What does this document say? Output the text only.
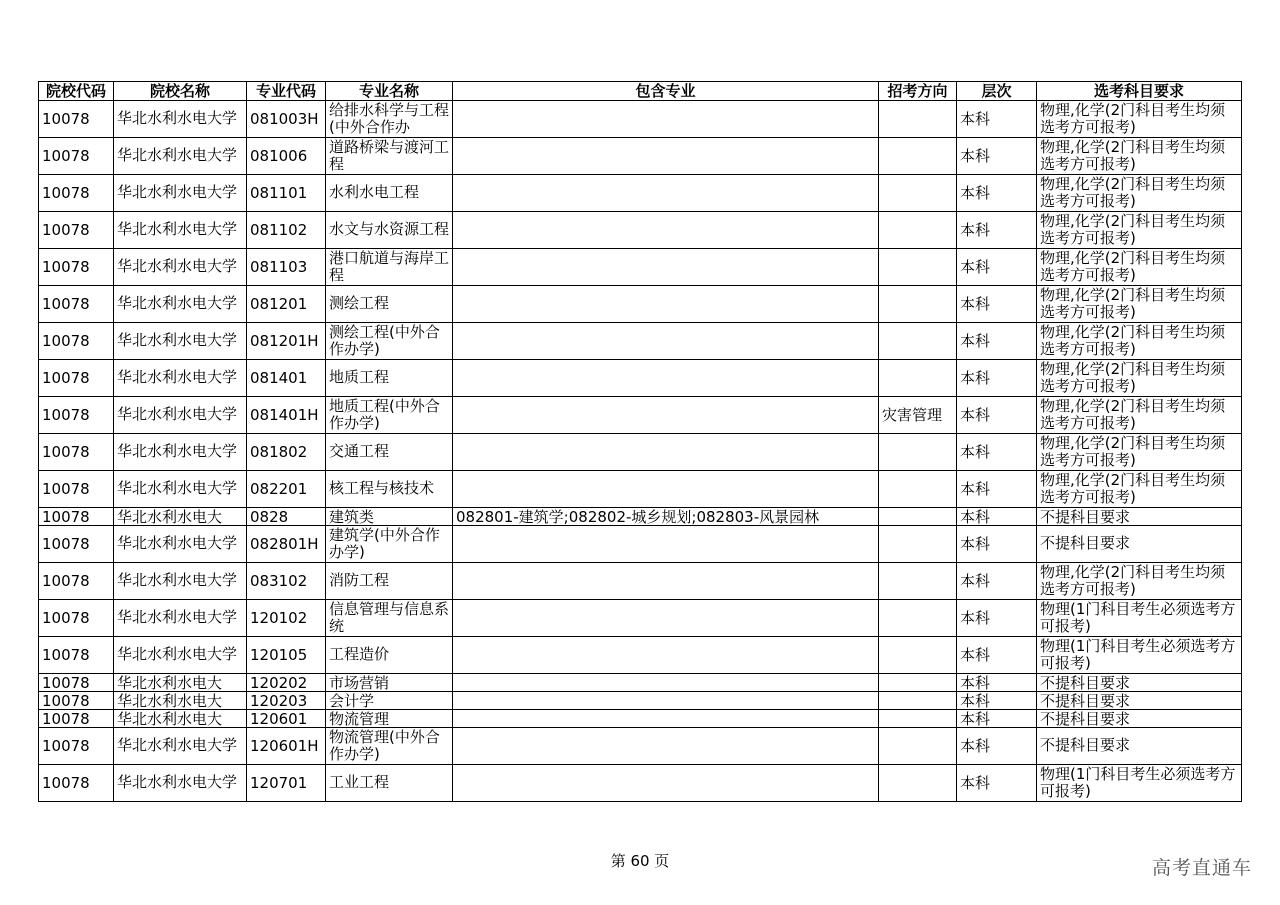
院校代码	院校名称	专业代码	专业名称	包含专业	招考方向	层次	选考科目要求
10078	华北水利水电大学	081003H	给排水科学与工程(中外合作办			本科	物理,化学(2门科目考生均须选考方可报考)
10078	华北水利水电大学	081006	道路桥梁与渡河工程			本科	物理,化学(2门科目考生均须选考方可报考)
10078	华北水利水电大学	081101	水利水电工程			本科	物理,化学(2门科目考生均须选考方可报考)
10078	华北水利水电大学	081102	水文与水资源工程			本科	物理,化学(2门科目考生均须选考方可报考)
10078	华北水利水电大学	081103	港口航道与海岸工程			本科	物理,化学(2门科目考生均须选考方可报考)
10078	华北水利水电大学	081201	测绘工程			本科	物理,化学(2门科目考生均须选考方可报考)
10078	华北水利水电大学	081201H	测绘工程(中外合作办学)			本科	物理,化学(2门科目考生均须选考方可报考)
10078	华北水利水电大学	081401	地质工程			本科	物理,化学(2门科目考生均须选考方可报考)
10078	华北水利水电大学	081401H	地质工程(中外合作办学)		灾害管理	本科	物理,化学(2门科目考生均须选考方可报考)
10078	华北水利水电大学	081802	交通工程			本科	物理,化学(2门科目考生均须选考方可报考)
10078	华北水利水电大学	082201	核工程与核技术			本科	物理,化学(2门科目考生均须选考方可报考)
10078	华北水利水电大	0828	建筑类	082801-建筑学;082802-城乡规划;082803-风景园林		本科	不提科目要求
10078	华北水利水电大学	082801H	建筑学(中外合作办学)			本科	不提科目要求
10078	华北水利水电大学	083102	消防工程			本科	物理,化学(2门科目考生均须选考方可报考)
10078	华北水利水电大学	120102	信息管理与信息系统			本科	物理(1门科目考生必须选考方可报考)
10078	华北水利水电大学	120105	工程造价			本科	物理(1门科目考生必须选考方可报考)
10078	华北水利水电大	120202	市场营销			本科	不提科目要求
10078	华北水利水电大	120203	会计学			本科	不提科目要求
10078	华北水利水电大	120601	物流管理			本科	不提科目要求
10078	华北水利水电大学	120601H	物流管理(中外合作办学)			本科	不提科目要求
10078	华北水利水电大学	120701	工业工程			本科	物理(1门科目考生必须选考方可报考)
第 60 页	高考直通车
